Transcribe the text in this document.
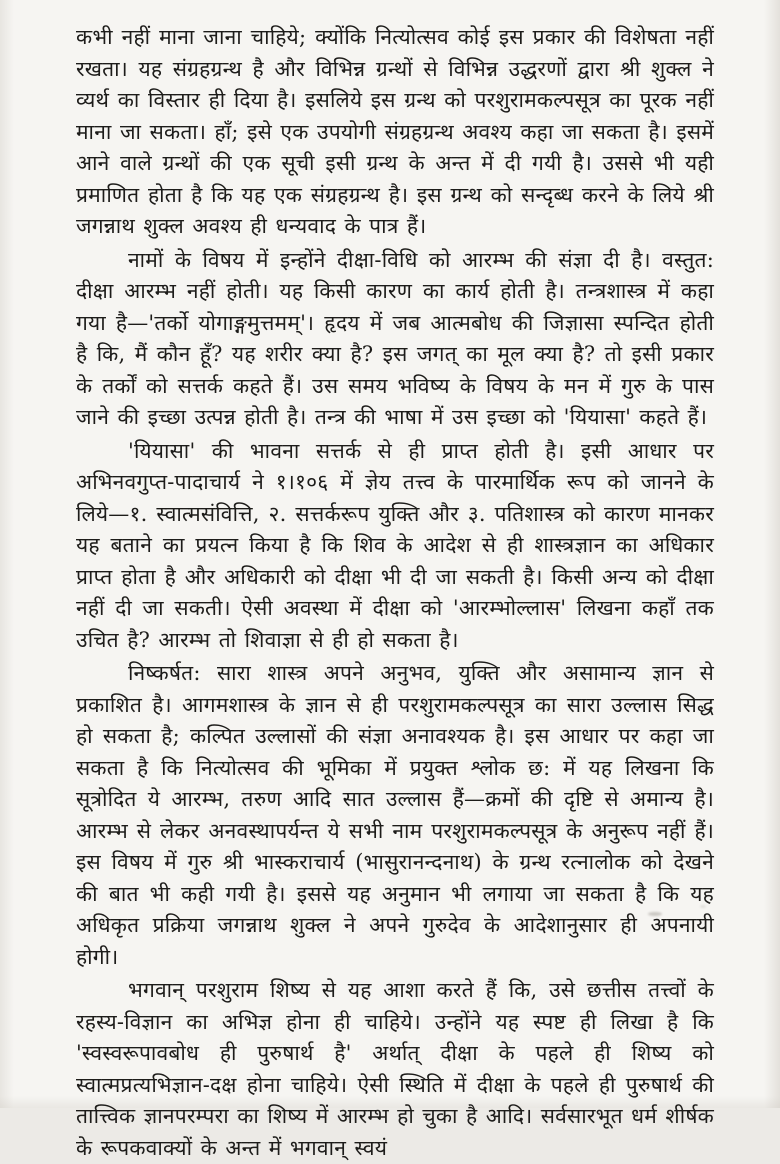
कभी नहीं माना जाना चाहिये; क्योंकि नित्योत्सव कोई इस प्रकार की विशेषता नहीं रखता। यह संग्रहग्रन्थ है और विभिन्न ग्रन्थों से विभिन्न उद्धरणों द्वारा श्री शुक्ल ने व्यर्थ का विस्तार ही दिया है। इसलिये इस ग्रन्थ को परशुरामकल्पसूत्र का पूरक नहीं माना जा सकता। हाँ; इसे एक उपयोगी संग्रहग्रन्थ अवश्य कहा जा सकता है। इसमें आने वाले ग्रन्थों की एक सूची इसी ग्रन्थ के अन्त में दी गयी है। उससे भी यही प्रमाणित होता है कि यह एक संग्रहग्रन्थ है। इस ग्रन्थ को सन्दृब्ध करने के लिये श्री जगन्नाथ शुक्ल अवश्य ही धन्यवाद के पात्र हैं।

नामों के विषय में इन्होंने दीक्षा-विधि को आरम्भ की संज्ञा दी है। वस्तुत: दीक्षा आरम्भ नहीं होती। यह किसी कारण का कार्य होती है। तन्त्रशास्त्र में कहा गया है—'तर्को योगाङ्गमुत्तमम्'। हृदय में जब आत्मबोध की जिज्ञासा स्पन्दित होती है कि, मैं कौन हूँ? यह शरीर क्या है? इस जगत् का मूल क्या है? तो इसी प्रकार के तर्कों को सत्तर्क कहते हैं। उस समय भविष्य के विषय के मन में गुरु के पास जाने की इच्छा उत्पन्न होती है। तन्त्र की भाषा में उस इच्छा को 'यियासा' कहते हैं।

'यियासा' की भावना सत्तर्क से ही प्राप्त होती है। इसी आधार पर अभिनवगुप्त-पादाचार्य ने १।१०६ में ज्ञेय तत्त्व के पारमार्थिक रूप को जानने के लिये—१. स्वात्मसंवित्ति, २. सत्तर्करूप युक्ति और ३. पतिशास्त्र को कारण मानकर यह बताने का प्रयत्न किया है कि शिव के आदेश से ही शास्त्रज्ञान का अधिकार प्राप्त होता है और अधिकारी को दीक्षा भी दी जा सकती है। किसी अन्य को दीक्षा नहीं दी जा सकती। ऐसी अवस्था में दीक्षा को 'आरम्भोल्लास' लिखना कहाँ तक उचित है? आरम्भ तो शिवाज्ञा से ही हो सकता है।

निष्कर्षत: सारा शास्त्र अपने अनुभव, युक्ति और असामान्य ज्ञान से प्रकाशित है। आगमशास्त्र के ज्ञान से ही परशुरामकल्पसूत्र का सारा उल्लास सिद्ध हो सकता है; कल्पित उल्लासों की संज्ञा अनावश्यक है। इस आधार पर कहा जा सकता है कि नित्योत्सव की भूमिका में प्रयुक्त श्लोक छ: में यह लिखना कि सूत्रोदित ये आरम्भ, तरुण आदि सात उल्लास हैं—क्रमों की दृष्टि से अमान्य है। आरम्भ से लेकर अनवस्थापर्यन्त ये सभी नाम परशुरामकल्पसूत्र के अनुरूप नहीं हैं। इस विषय में गुरु श्री भास्कराचार्य (भासुरानन्दनाथ) के ग्रन्थ रत्नालोक को देखने की बात भी कही गयी है। इससे यह अनुमान भी लगाया जा सकता है कि यह अधिकृत प्रक्रिया जगन्नाथ शुक्ल ने अपने गुरुदेव के आदेशानुसार ही अपनायी होगी।

भगवान् परशुराम शिष्य से यह आशा करते हैं कि, उसे छत्तीस तत्त्वों के रहस्य-विज्ञान का अभिज्ञ होना ही चाहिये। उन्होंने यह स्पष्ट ही लिखा है कि 'स्वस्वरूपावबोध ही पुरुषार्थ है' अर्थात् दीक्षा के पहले ही शिष्य को स्वात्मप्रत्यभिज्ञान-दक्ष होना चाहिये। ऐसी स्थिति में दीक्षा के पहले ही पुरुषार्थ की तात्त्विक ज्ञानपरम्परा का शिष्य में आरम्भ हो चुका है आदि। सर्वसारभूत धर्म शीर्षक के रूपकवाक्यों के अन्त में भगवान् स्वयं
